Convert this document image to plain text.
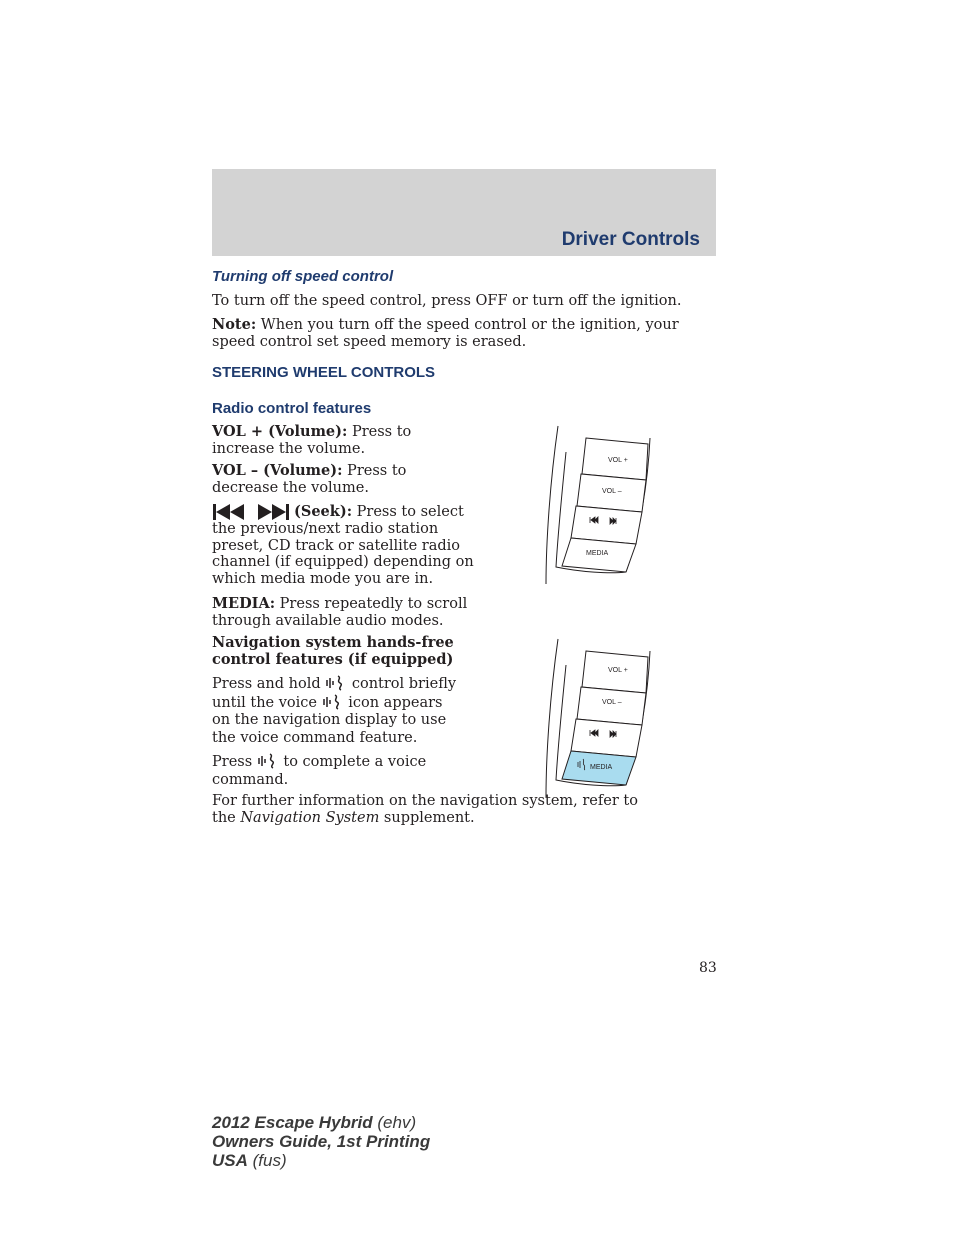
Driver Controls
Turning off speed control

To turn off the speed control, press OFF or turn off the ignition.

Note: When you turn off the speed control or the ignition, your speed control set speed memory is erased.

STEERING WHEEL CONTROLS
Radio control features

VOL + (Volume): Press to increase the volume.

VOL – (Volume): Press to decrease the volume.

(Seek): Press to select
the previous/next radio station preset, CD track or satellite radio channel (if equipped) depending on which media mode you are in.

MEDIA: Press repeatedly to scroll through available audio modes.

Navigation system hands-free control features (if equipped)

Press and hold control briefly
until the voice icon appears on the navigation display to use the voice command feature.

Press to complete a voice command.

For further information on the navigation system, refer to the Navigation System supplement.

VOL +
VOL –
MEDIA
VOL +
VOL –
MEDIA
83
2012 Escape Hybrid (ehv)
Owners Guide, 1st Printing
USA (fus)
